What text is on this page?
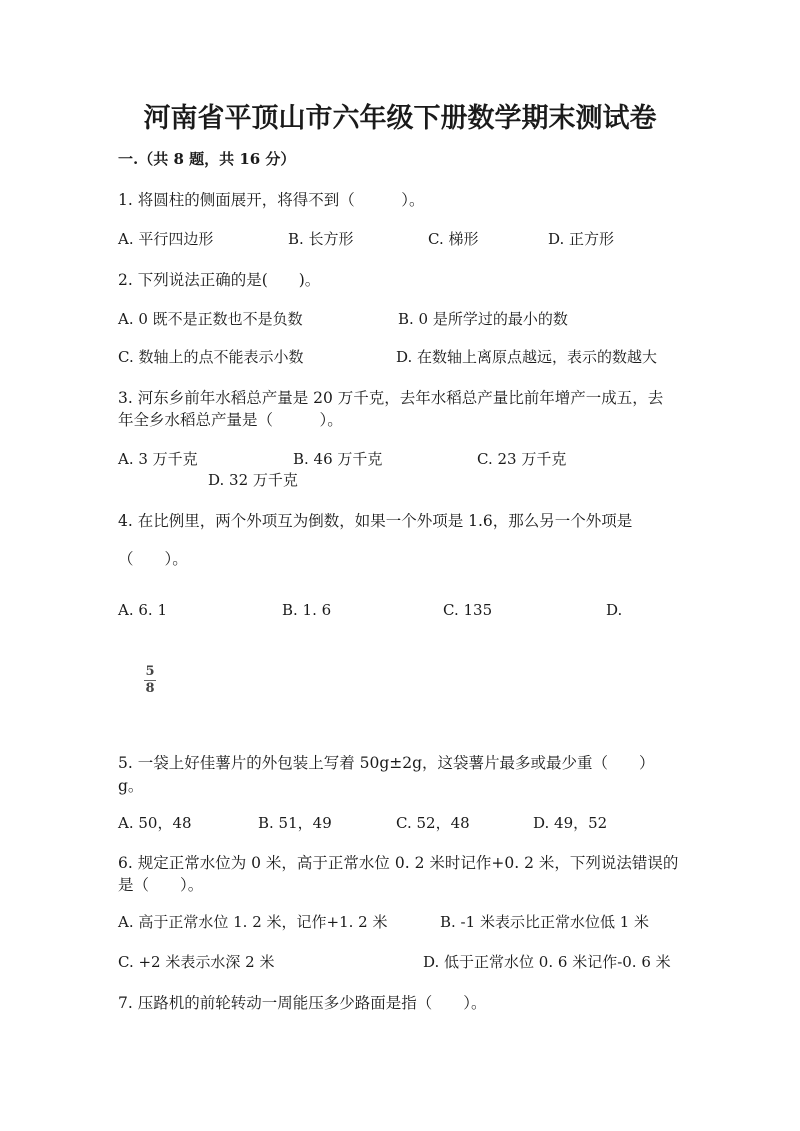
河南省平顶山市六年级下册数学期末测试卷
一.（共 8 题，共 16 分）
1. 将圆柱的侧面展开，将得不到（　　　）。
A. 平行四边形	B. 长方形	C. 梯形	D. 正方形
2. 下列说法正确的是(　　)。
A. 0 既不是正数也不是负数	B. 0 是所学过的最小的数
C. 数轴上的点不能表示小数	D. 在数轴上离原点越远，表示的数越大
3. 河东乡前年水稻总产量是 20 万千克，去年水稻总产量比前年增产一成五，去
年全乡水稻总产量是（　　　）。
A. 3 万千克	B. 46 万千克	C. 23 万千克
D. 32 万千克
4. 在比例里，两个外项互为倒数，如果一个外项是 1.6，那么另一个外项是
（　　）。
A. 6. 1	B. 1. 6	C. 135	D.
5
8
5. 一袋上好佳薯片的外包装上写着 50g±2g，这袋薯片最多或最少重（　　）
g。
A. 50，48	B. 51，49	C. 52，48	D. 49，52
6. 规定正常水位为 0 米，高于正常水位 0. 2 米时记作+0. 2 米，下列说法错误的
是（　　）。
A. 高于正常水位 1. 2 米，记作+1. 2 米	B. -1 米表示比正常水位低 1 米
C. +2 米表示水深 2 米	D. 低于正常水位 0. 6 米记作-0. 6 米
7. 压路机的前轮转动一周能压多少路面是指（　　）。
